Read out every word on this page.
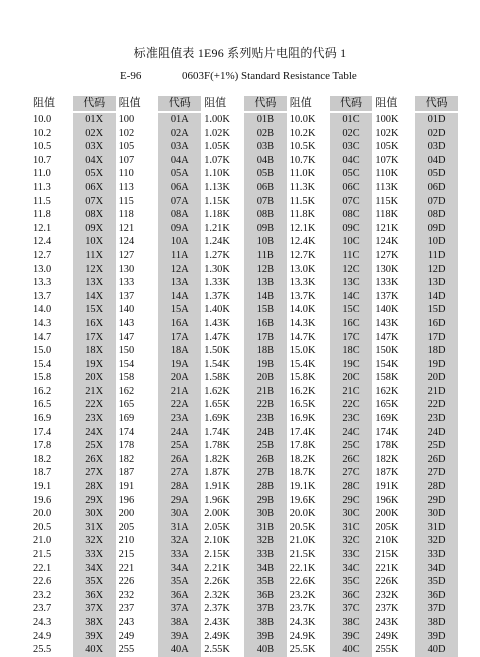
标准阻值表 1E96 系列贴片电阻的代码 1
E-96	0603F(+1%) Standard Resistance Table
阻值	代码	阻值	代码	阻值	代码	阻值	代码	阻值	代码
10.0	01X	100	01A	1.00K	01B	10.0K	01C	100K	01D
10.2	02X	102	02A	1.02K	02B	10.2K	02C	102K	02D
10.5	03X	105	03A	1.05K	03B	10.5K	03C	105K	03D
10.7	04X	107	04A	1.07K	04B	10.7K	04C	107K	04D
11.0	05X	110	05A	1.10K	05B	11.0K	05C	110K	05D
11.3	06X	113	06A	1.13K	06B	11.3K	06C	113K	06D
11.5	07X	115	07A	1.15K	07B	11.5K	07C	115K	07D
11.8	08X	118	08A	1.18K	08B	11.8K	08C	118K	08D
12.1	09X	121	09A	1.21K	09B	12.1K	09C	121K	09D
12.4	10X	124	10A	1.24K	10B	12.4K	10C	124K	10D
12.7	11X	127	11A	1.27K	11B	12.7K	11C	127K	11D
13.0	12X	130	12A	1.30K	12B	13.0K	12C	130K	12D
13.3	13X	133	13A	1.33K	13B	13.3K	13C	133K	13D
13.7	14X	137	14A	1.37K	14B	13.7K	14C	137K	14D
14.0	15X	140	15A	1.40K	15B	14.0K	15C	140K	15D
14.3	16X	143	16A	1.43K	16B	14.3K	16C	143K	16D
14.7	17X	147	17A	1.47K	17B	14.7K	17C	147K	17D
15.0	18X	150	18A	1.50K	18B	15.0K	18C	150K	18D
15.4	19X	154	19A	1.54K	19B	15.4K	19C	154K	19D
15.8	20X	158	20A	1.58K	20B	15.8K	20C	158K	20D
16.2	21X	162	21A	1.62K	21B	16.2K	21C	162K	21D
16.5	22X	165	22A	1.65K	22B	16.5K	22C	165K	22D
16.9	23X	169	23A	1.69K	23B	16.9K	23C	169K	23D
17.4	24X	174	24A	1.74K	24B	17.4K	24C	174K	24D
17.8	25X	178	25A	1.78K	25B	17.8K	25C	178K	25D
18.2	26X	182	26A	1.82K	26B	18.2K	26C	182K	26D
18.7	27X	187	27A	1.87K	27B	18.7K	27C	187K	27D
19.1	28X	191	28A	1.91K	28B	19.1K	28C	191K	28D
19.6	29X	196	29A	1.96K	29B	19.6K	29C	196K	29D
20.0	30X	200	30A	2.00K	30B	20.0K	30C	200K	30D
20.5	31X	205	31A	2.05K	31B	20.5K	31C	205K	31D
21.0	32X	210	32A	2.10K	32B	21.0K	32C	210K	32D
21.5	33X	215	33A	2.15K	33B	21.5K	33C	215K	33D
22.1	34X	221	34A	2.21K	34B	22.1K	34C	221K	34D
22.6	35X	226	35A	2.26K	35B	22.6K	35C	226K	35D
23.2	36X	232	36A	2.32K	36B	23.2K	36C	232K	36D
23.7	37X	237	37A	2.37K	37B	23.7K	37C	237K	37D
24.3	38X	243	38A	2.43K	38B	24.3K	38C	243K	38D
24.9	39X	249	39A	2.49K	39B	24.9K	39C	249K	39D
25.5	40X	255	40A	2.55K	40B	25.5K	40C	255K	40D
